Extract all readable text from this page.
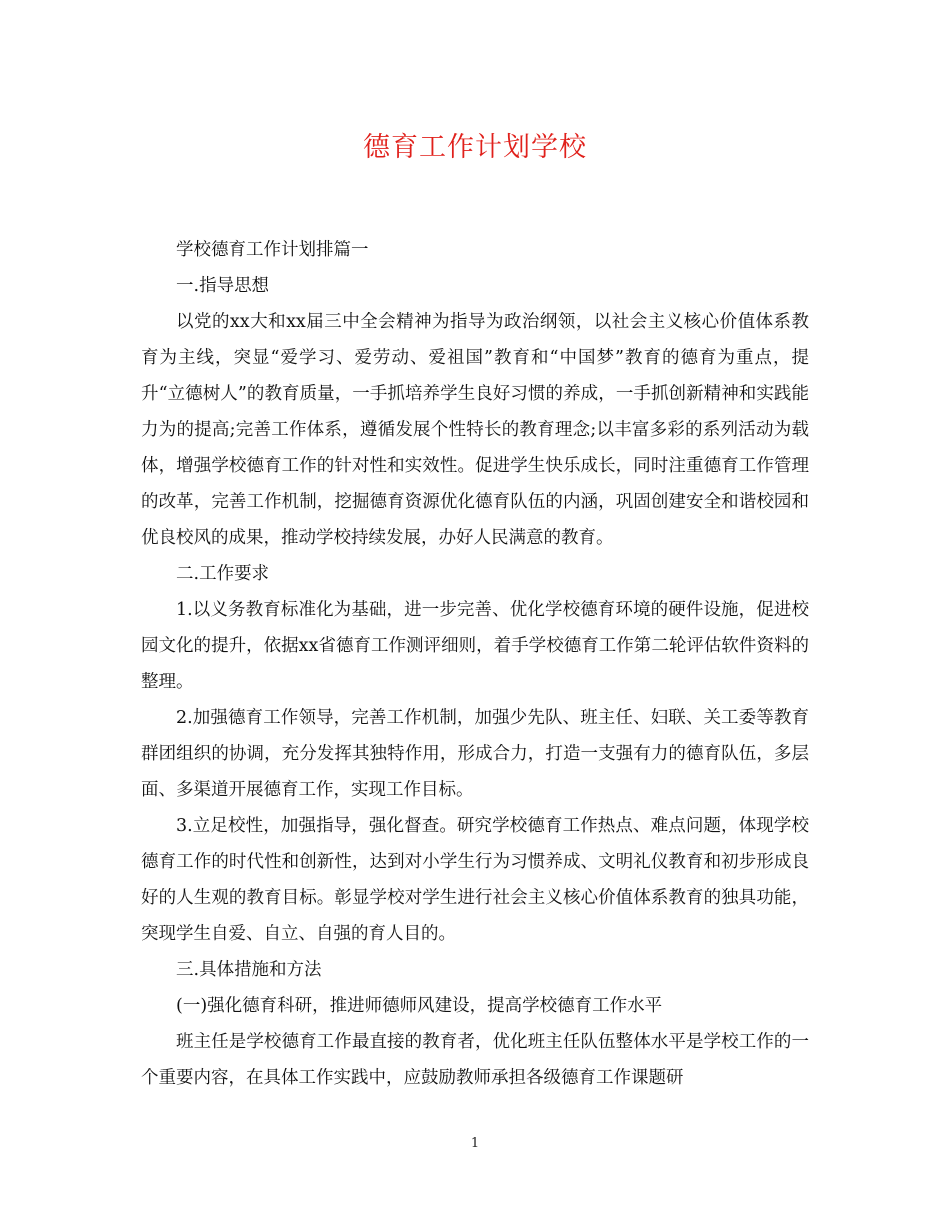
德育工作计划学校

学校德育工作计划排篇一

一.指导思想

以党的xx大和xx届三中全会精神为指导为政治纲领，以社会主义核心价值体系教育为主线，突显“爱学习、爱劳动、爱祖国”教育和“中国梦”教育的德育为重点，提升“立德树人”的教育质量，一手抓培养学生良好习惯的养成，一手抓创新精神和实践能力为的提高;完善工作体系，遵循发展个性特长的教育理念;以丰富多彩的系列活动为载体，增强学校德育工作的针对性和实效性。促进学生快乐成长，同时注重德育工作管理的改革，完善工作机制，挖掘德育资源优化德育队伍的内涵，巩固创建安全和谐校园和优良校风的成果，推动学校持续发展，办好人民满意的教育。

二.工作要求

1.以义务教育标准化为基础，进一步完善、优化学校德育环境的硬件设施，促进校园文化的提升，依据xx省德育工作测评细则，着手学校德育工作第二轮评估软件资料的整理。

2.加强德育工作领导，完善工作机制，加强少先队、班主任、妇联、关工委等教育群团组织的协调，充分发挥其独特作用，形成合力，打造一支强有力的德育队伍，多层面、多渠道开展德育工作，实现工作目标。

3.立足校性，加强指导，强化督查。研究学校德育工作热点、难点问题，体现学校德育工作的时代性和创新性，达到对小学生行为习惯养成、文明礼仪教育和初步形成良好的人生观的教育目标。彰显学校对学生进行社会主义核心价值体系教育的独具功能，突现学生自爱、自立、自强的育人目的。

三.具体措施和方法

(一)强化德育科研，推进师德师风建设，提高学校德育工作水平

班主任是学校德育工作最直接的教育者，优化班主任队伍整体水平是学校工作的一个重要内容，在具体工作实践中，应鼓励教师承担各级德育工作课题研

1
